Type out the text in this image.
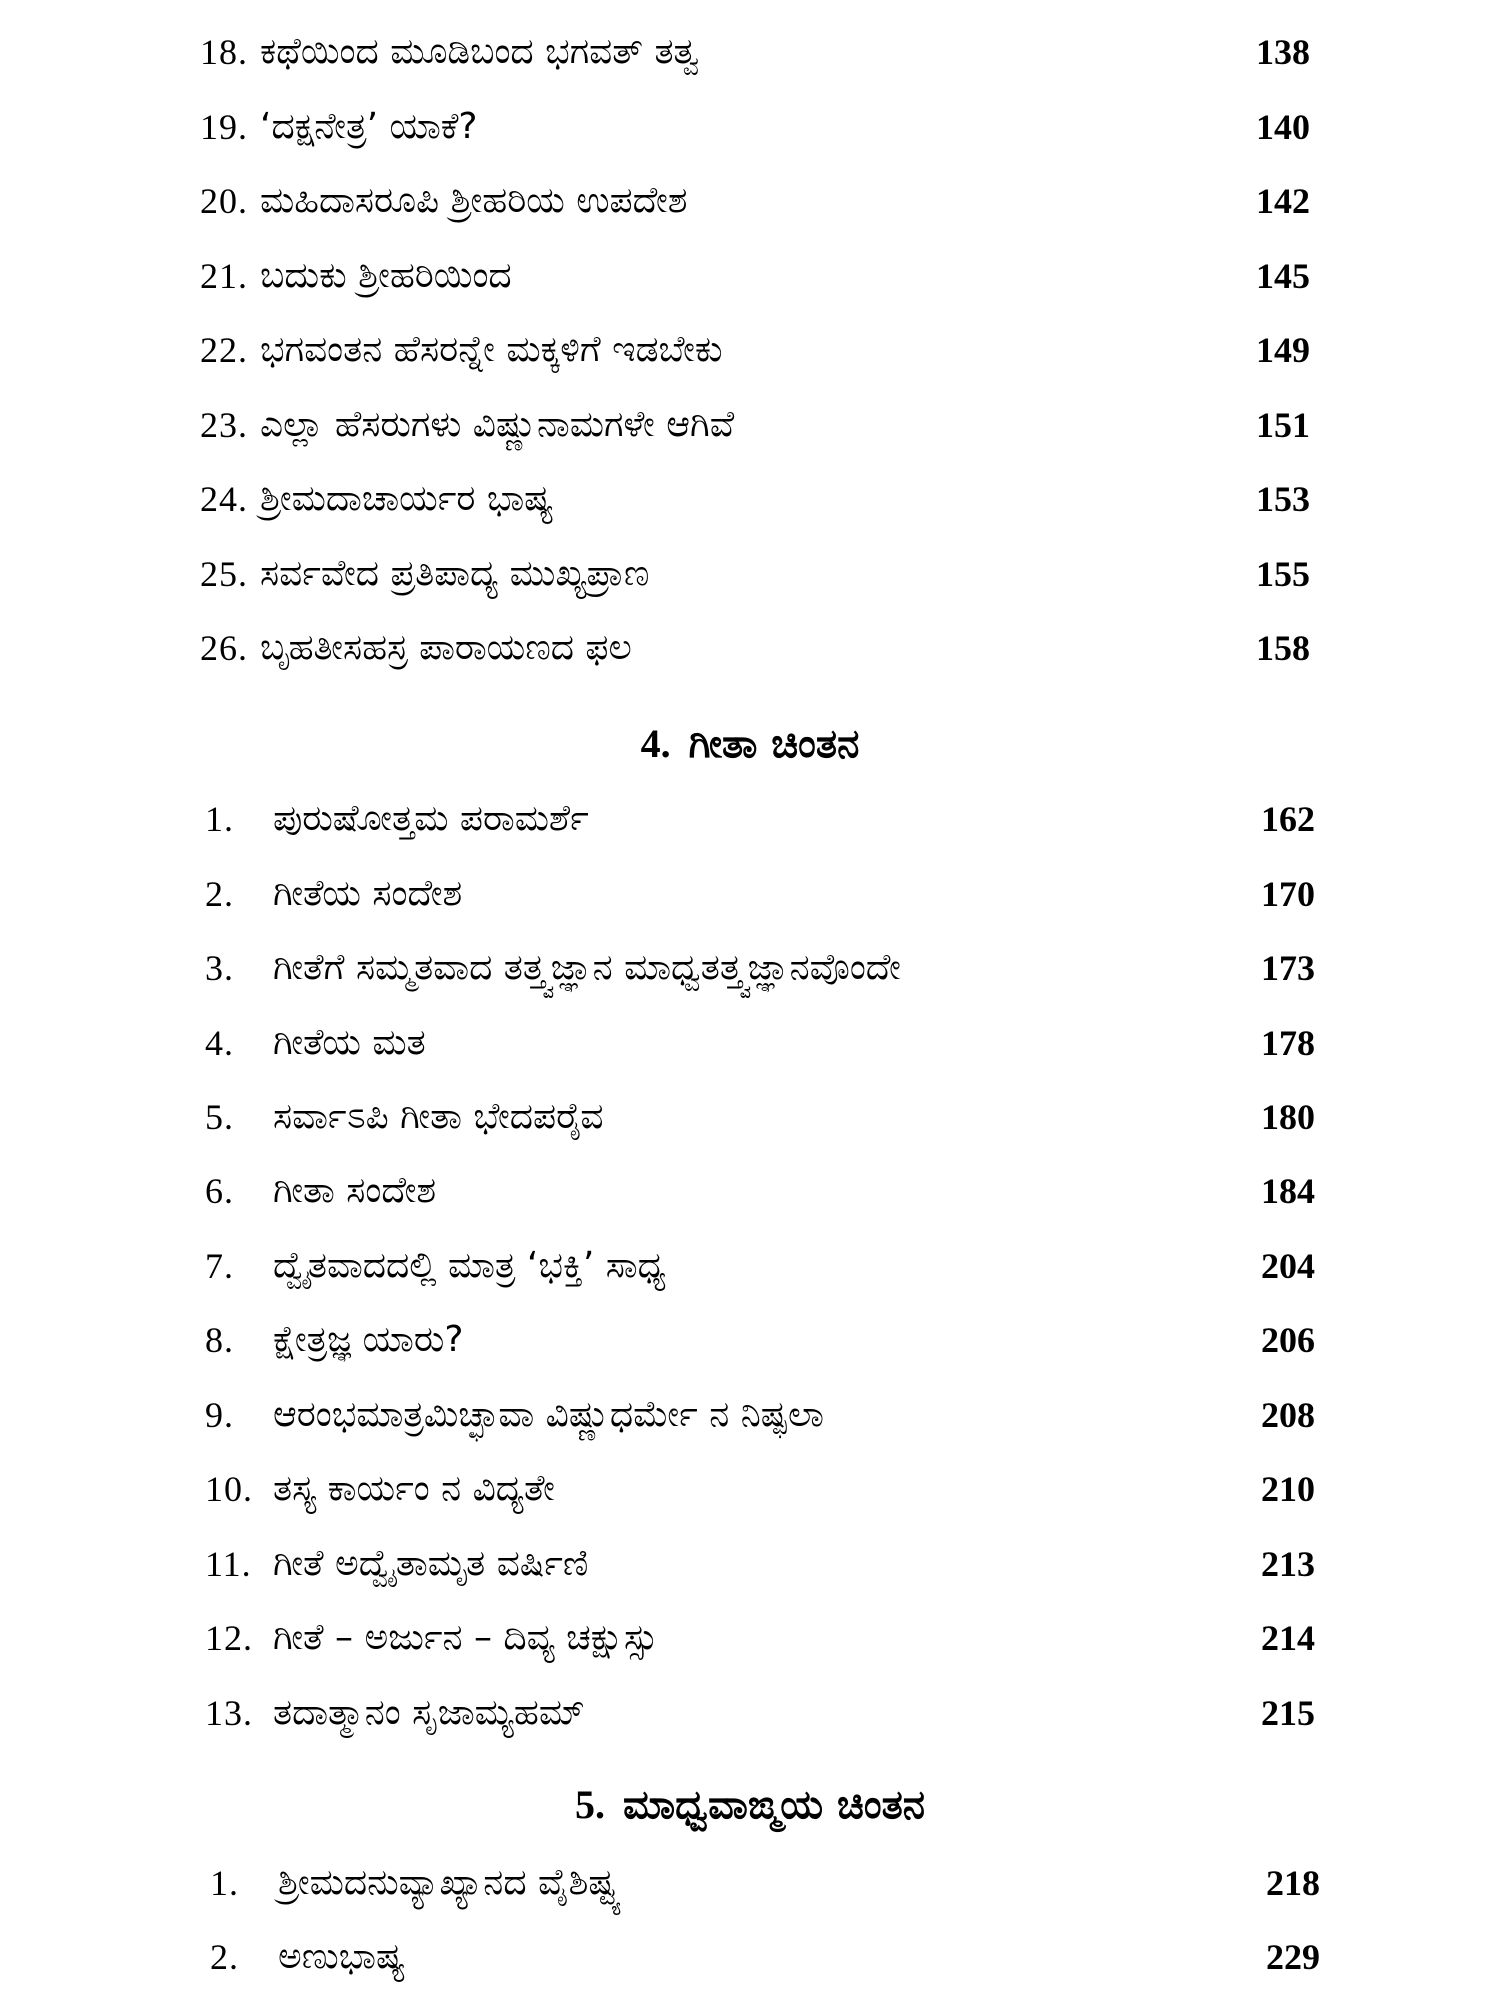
18. ಕಥೆಯಿಂದ ಮೂಡಿಬಂದ ಭಗವತ್ ತತ್ವ	138
19. ‘ದಕ್ಷನೇತ್ರ’ ಯಾಕೆ?	140
20. ಮಹಿದಾಸರೂಪಿ ಶ್ರೀಹರಿಯ ಉಪದೇಶ	142
21. ಬದುಕು ಶ್ರೀಹರಿಯಿಂದ	145
22. ಭಗವಂತನ ಹೆಸರನ್ನೇ ಮಕ್ಕಳಿಗೆ ಇಡಬೇಕು	149
23. ಎಲ್ಲಾ ಹೆಸರುಗಳು ವಿಷ್ಣುನಾಮಗಳೇ ಆಗಿವೆ	151
24. ಶ್ರೀಮದಾಚಾರ್ಯರ ಭಾಷ್ಯ	153
25. ಸರ್ವವೇದ ಪ್ರತಿಪಾದ್ಯ ಮುಖ್ಯಪ್ರಾಣ	155
26. ಬೃಹತೀಸಹಸ್ರ ಪಾರಾಯಣದ ಫಲ	158
4. ಗೀತಾ ಚಿಂತನ
1. ಪುರುಷೋತ್ತಮ ಪರಾಮರ್ಶೆ	162
2. ಗೀತೆಯ ಸಂದೇಶ	170
3. ಗೀತೆಗೆ ಸಮ್ಮತವಾದ ತತ್ತ್ವಜ್ಞಾನ ಮಾಧ್ವತತ್ತ್ವಜ್ಞಾನವೊಂದೇ	173
4. ಗೀತೆಯ ಮತ	178
5. ಸರ್ವಾಽಪಿ ಗೀತಾ ಭೇದಪರೈವ	180
6. ಗೀತಾ ಸಂದೇಶ	184
7. ದ್ವೈತವಾದದಲ್ಲಿ ಮಾತ್ರ ‘ಭಕ್ತಿ’ ಸಾಧ್ಯ	204
8. ಕ್ಷೇತ್ರಜ್ಞ ಯಾರು?	206
9. ಆರಂಭಮಾತ್ರಮಿಚ್ಛಾವಾ ವಿಷ್ಣುಧರ್ಮೇ ನ ನಿಷ್ಫಲಾ	208
10. ತಸ್ಯ ಕಾರ್ಯಂ ನ ವಿದ್ಯತೇ	210
11. ಗೀತೆ ಅದ್ವೈತಾಮೃತ ವರ್ಷಿಣಿ	213
12. ಗೀತೆ – ಅರ್ಜುನ – ದಿವ್ಯ ಚಕ್ಷುಸ್ಸು	214
13. ತದಾತ್ಮಾನಂ ಸೃಜಾಮ್ಯಹಮ್	215
5. ಮಾಧ್ವವಾಙ್ಮಯ ಚಿಂತನ
1. ಶ್ರೀಮದನುವ್ಯಾಖ್ಯಾನದ ವೈಶಿಷ್ಟ್ಯ	218
2. ಅಣುಭಾಷ್ಯ	229
